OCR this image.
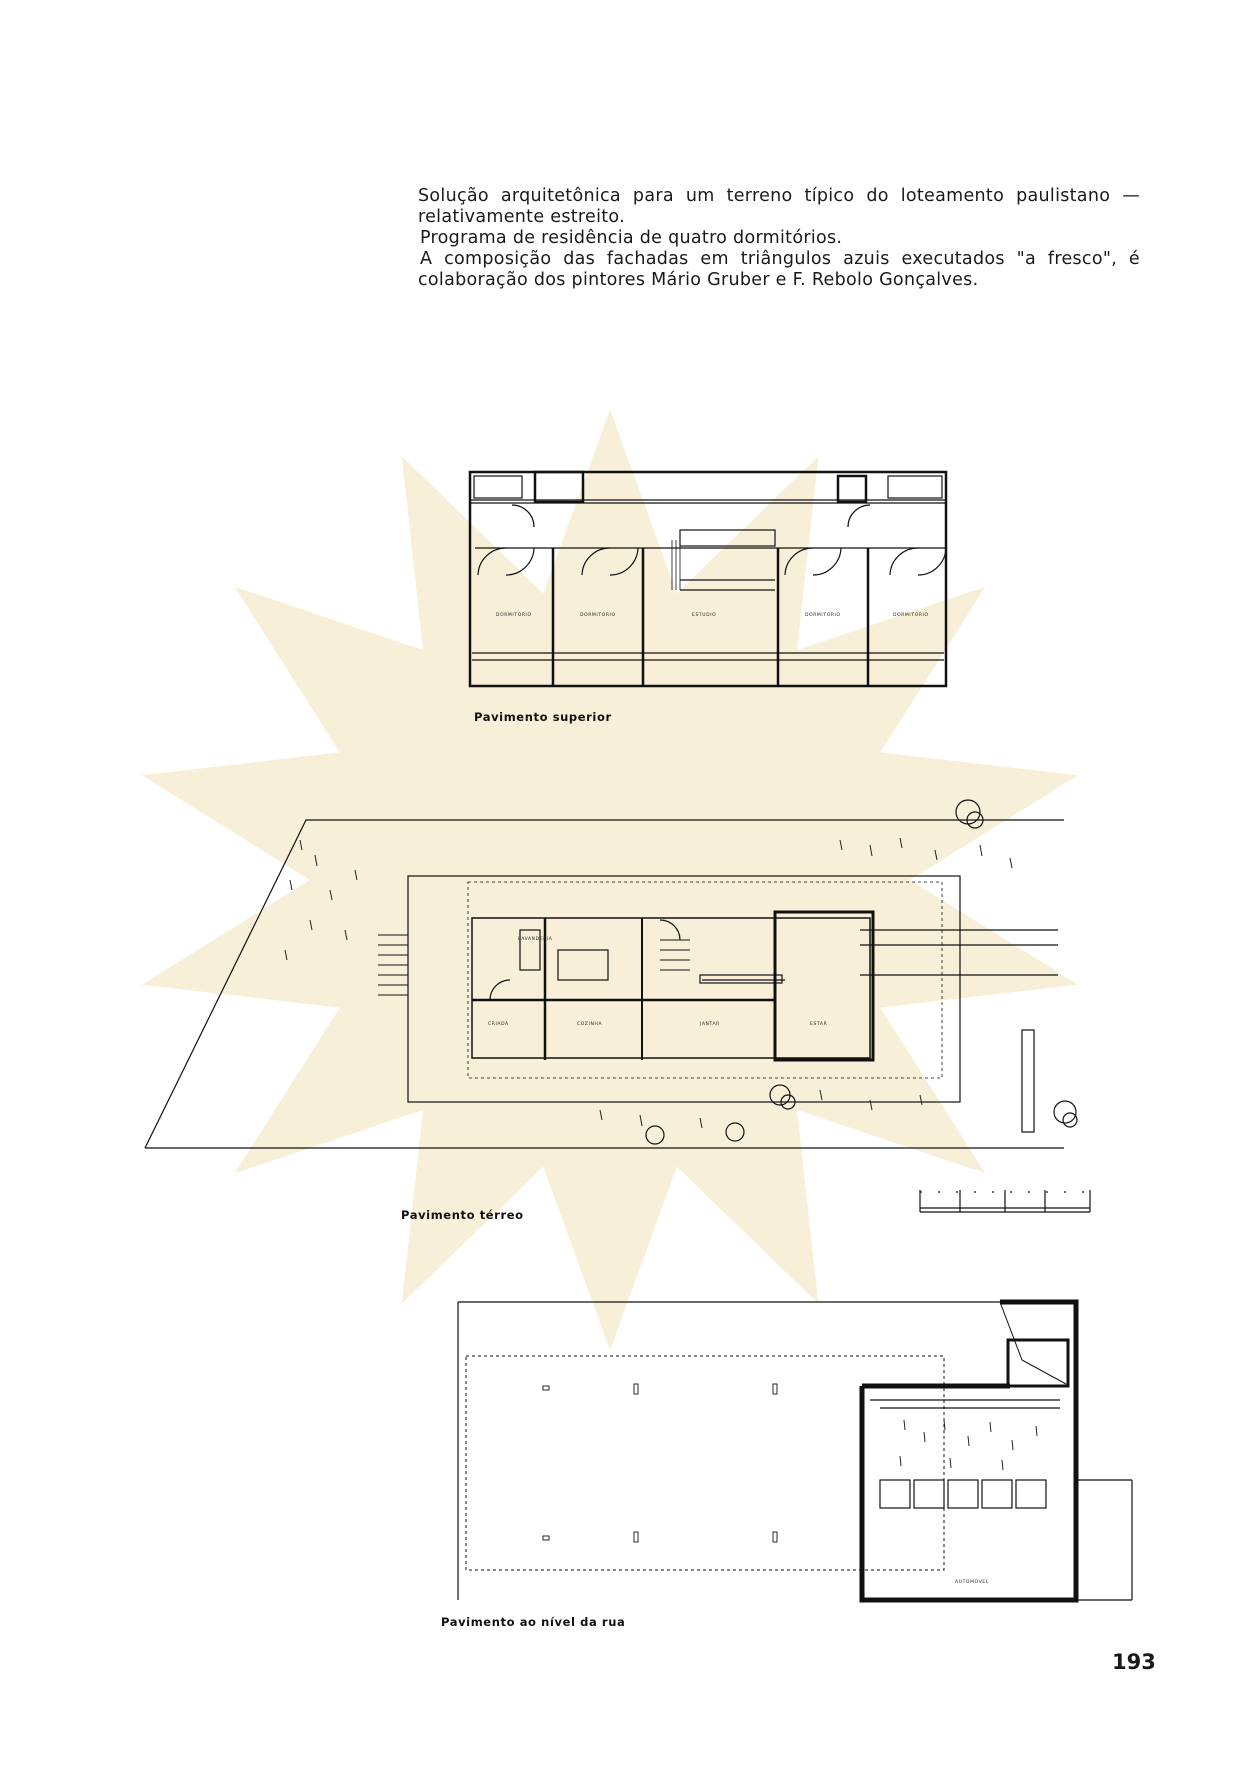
Solução arquitetônica para um terreno típico do loteamento paulistano — relativamente estreito.

Programa de residência de quatro dormitórios.

A composição das fachadas em triângulos azuis executados "a fresco", é colaboração dos pintores Mário Gruber e F. Rebolo Gonçalves.

DORMITORIO	DORMITORIO	ESTUDIO	DORMITORIO	DORMITORIO
Pavimento superior
LAVANDERIA
CRIADA	COZINHA	JANTAR	ESTAR
Pavimento térreo
AUTOMOVEL
Pavimento ao nível da rua
193
